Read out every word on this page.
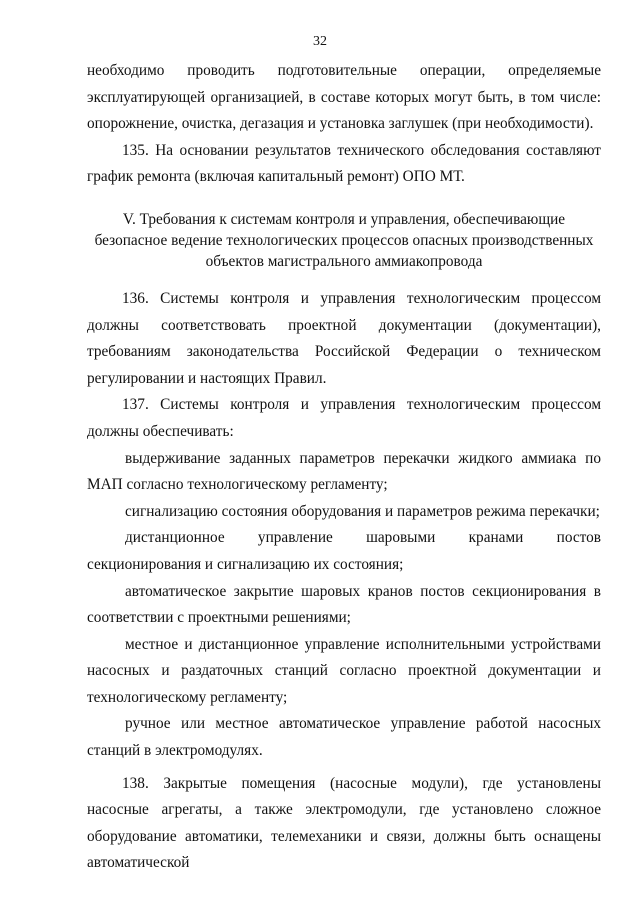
32

необходимо проводить подготовительные операции, определяемые эксплуатирующей организацией, в составе которых могут быть, в том числе: опорожнение, очистка, дегазация и установка заглушек (при необходимости).

135. На основании результатов технического обследования составляют график ремонта (включая капитальный ремонт) ОПО МТ.

V. Требования к системам контроля и управления, обеспечивающие
безопасное ведение технологических процессов опасных производственных
объектов магистрального аммиакопровода

136. Системы контроля и управления технологическим процессом должны соответствовать проектной документации (документации), требованиям законодательства Российской Федерации о техническом регулировании и настоящих Правил.

137. Системы контроля и управления технологическим процессом должны обеспечивать:

выдерживание заданных параметров перекачки жидкого аммиака по МАП согласно технологическому регламенту;

сигнализацию состояния оборудования и параметров режима перекачки;

дистанционное управление шаровыми кранами постов секционирования и сигнализацию их состояния;

автоматическое закрытие шаровых кранов постов секционирования в соответствии с проектными решениями;

местное и дистанционное управление исполнительными устройствами насосных и раздаточных станций согласно проектной документации и технологическому регламенту;

ручное или местное автоматическое управление работой насосных станций в электромодулях.

138. Закрытые помещения (насосные модули), где установлены насосные агрегаты, а также электромодули, где установлено сложное оборудование автоматики, телемеханики и связи, должны быть оснащены автоматической
